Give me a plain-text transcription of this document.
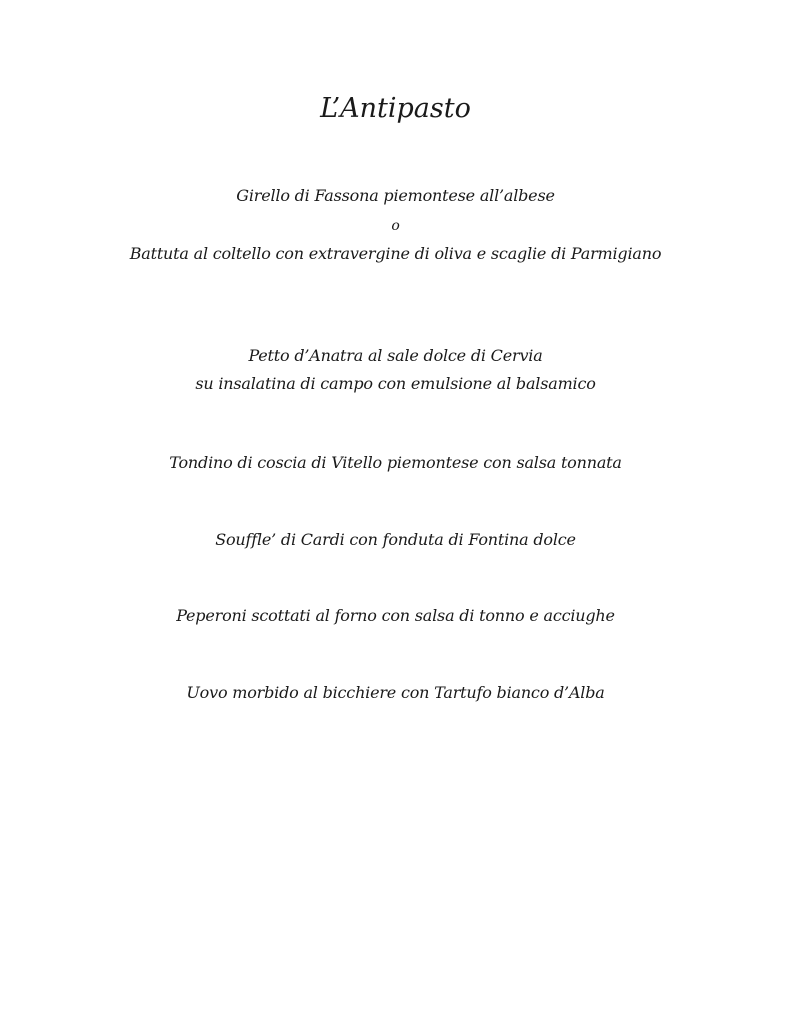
L’Antipasto
Girello di Fassona piemontese all’albese
o
Battuta al coltello con extravergine di oliva e scaglie di Parmigiano
Petto d’Anatra al sale dolce di Cervia
su insalatina di campo con emulsione al balsamico
Tondino di coscia di Vitello piemontese con salsa tonnata
Souffle’ di Cardi con fonduta di Fontina dolce
Peperoni scottati al forno con salsa di tonno e acciughe
Uovo morbido al bicchiere con Tartufo bianco d’Alba
